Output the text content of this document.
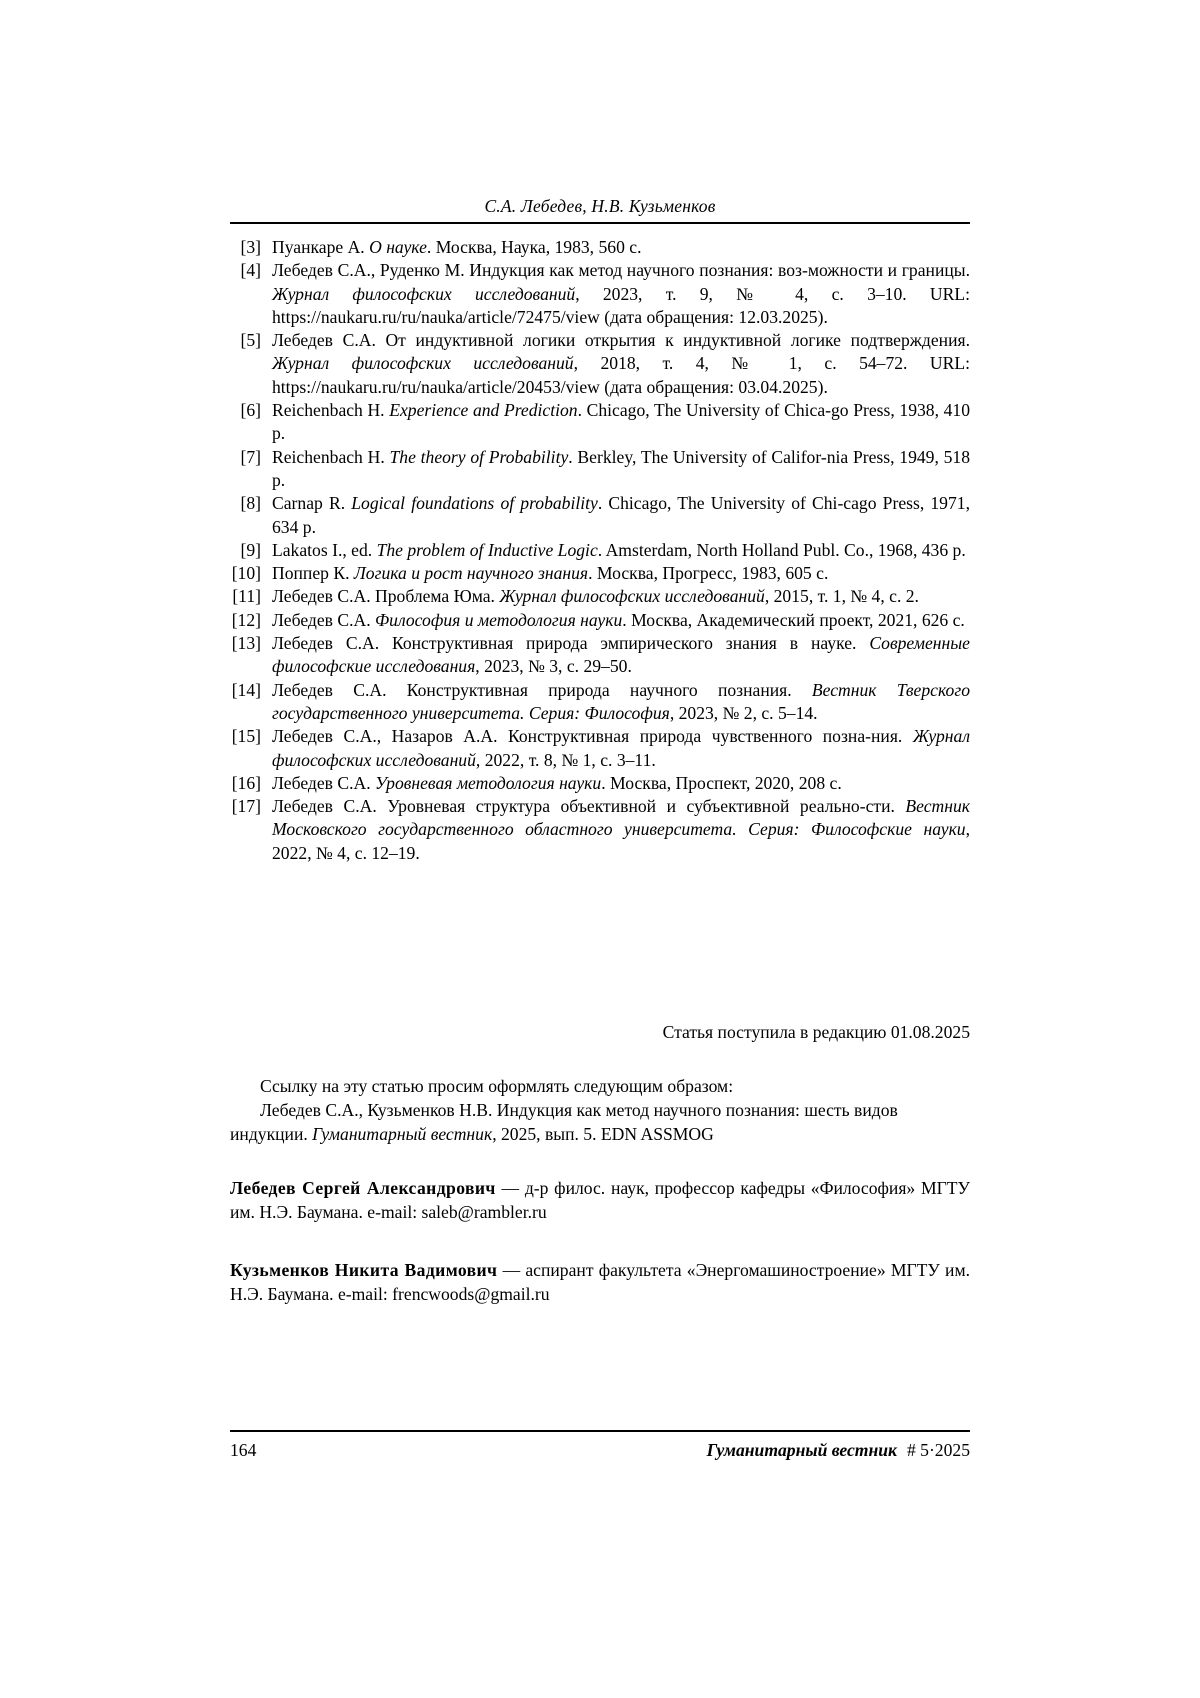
С.А. Лебедев, Н.В. Кузьменков
[3] Пуанкаре А. О науке. Москва, Наука, 1983, 560 с.
[4] Лебедев С.А., Руденко М. Индукция как метод научного познания: воз-можности и границы. Журнал философских исследований, 2023, т. 9, № 4, с. 3–10. URL: https://naukaru.ru/ru/nauka/article/72475/view (дата обращения: 12.03.2025).
[5] Лебедев С.А. От индуктивной логики открытия к индуктивной логике подтверждения. Журнал философских исследований, 2018, т. 4, № 1, с. 54–72. URL: https://naukaru.ru/ru/nauka/article/20453/view (дата обращения: 03.04.2025).
[6] Reichenbach H. Experience and Prediction. Chicago, The University of Chica-go Press, 1938, 410 p.
[7] Reichenbach H. The theory of Probability. Berkley, The University of Califor-nia Press, 1949, 518 p.
[8] Carnap R. Logical foundations of probability. Chicago, The University of Chi-cago Press, 1971, 634 p.
[9] Lakatos I., ed. The problem of Inductive Logic. Amsterdam, North Holland Publ. Co., 1968, 436 p.
[10] Поппер К. Логика и рост научного знания. Москва, Прогресс, 1983, 605 с.
[11] Лебедев С.А. Проблема Юма. Журнал философских исследований, 2015, т. 1, № 4, с. 2.
[12] Лебедев С.А. Философия и методология науки. Москва, Академический проект, 2021, 626 с.
[13] Лебедев С.А. Конструктивная природа эмпирического знания в науке. Современные философские исследования, 2023, № 3, с. 29–50.
[14] Лебедев С.А. Конструктивная природа научного познания. Вестник Тверского государственного университета. Серия: Философия, 2023, № 2, с. 5–14.
[15] Лебедев С.А., Назаров А.А. Конструктивная природа чувственного позна-ния. Журнал философских исследований, 2022, т. 8, № 1, с. 3–11.
[16] Лебедев С.А. Уровневая методология науки. Москва, Проспект, 2020, 208 с.
[17] Лебедев С.А. Уровневая структура объективной и субъективной реально-сти. Вестник Московского государственного областного университета. Серия: Философские науки, 2022, № 4, с. 12–19.
Статья поступила в редакцию 01.08.2025
Ссылку на эту статью просим оформлять следующим образом:
Лебедев С.А., Кузьменков Н.В. Индукция как метод научного познания: шесть видов индукции. Гуманитарный вестник, 2025, вып. 5. EDN ASSMOG
Лебедев Сергей Александрович — д-р филос. наук, профессор кафедры «Философия» МГТУ им. Н.Э. Баумана. e-mail: saleb@rambler.ru
Кузьменков Никита Вадимович — аспирант факультета «Энергомашиностроение» МГТУ им. Н.Э. Баумана. e-mail: frencwoods@gmail.ru
164	Гуманитарный вестник # 5·2025
